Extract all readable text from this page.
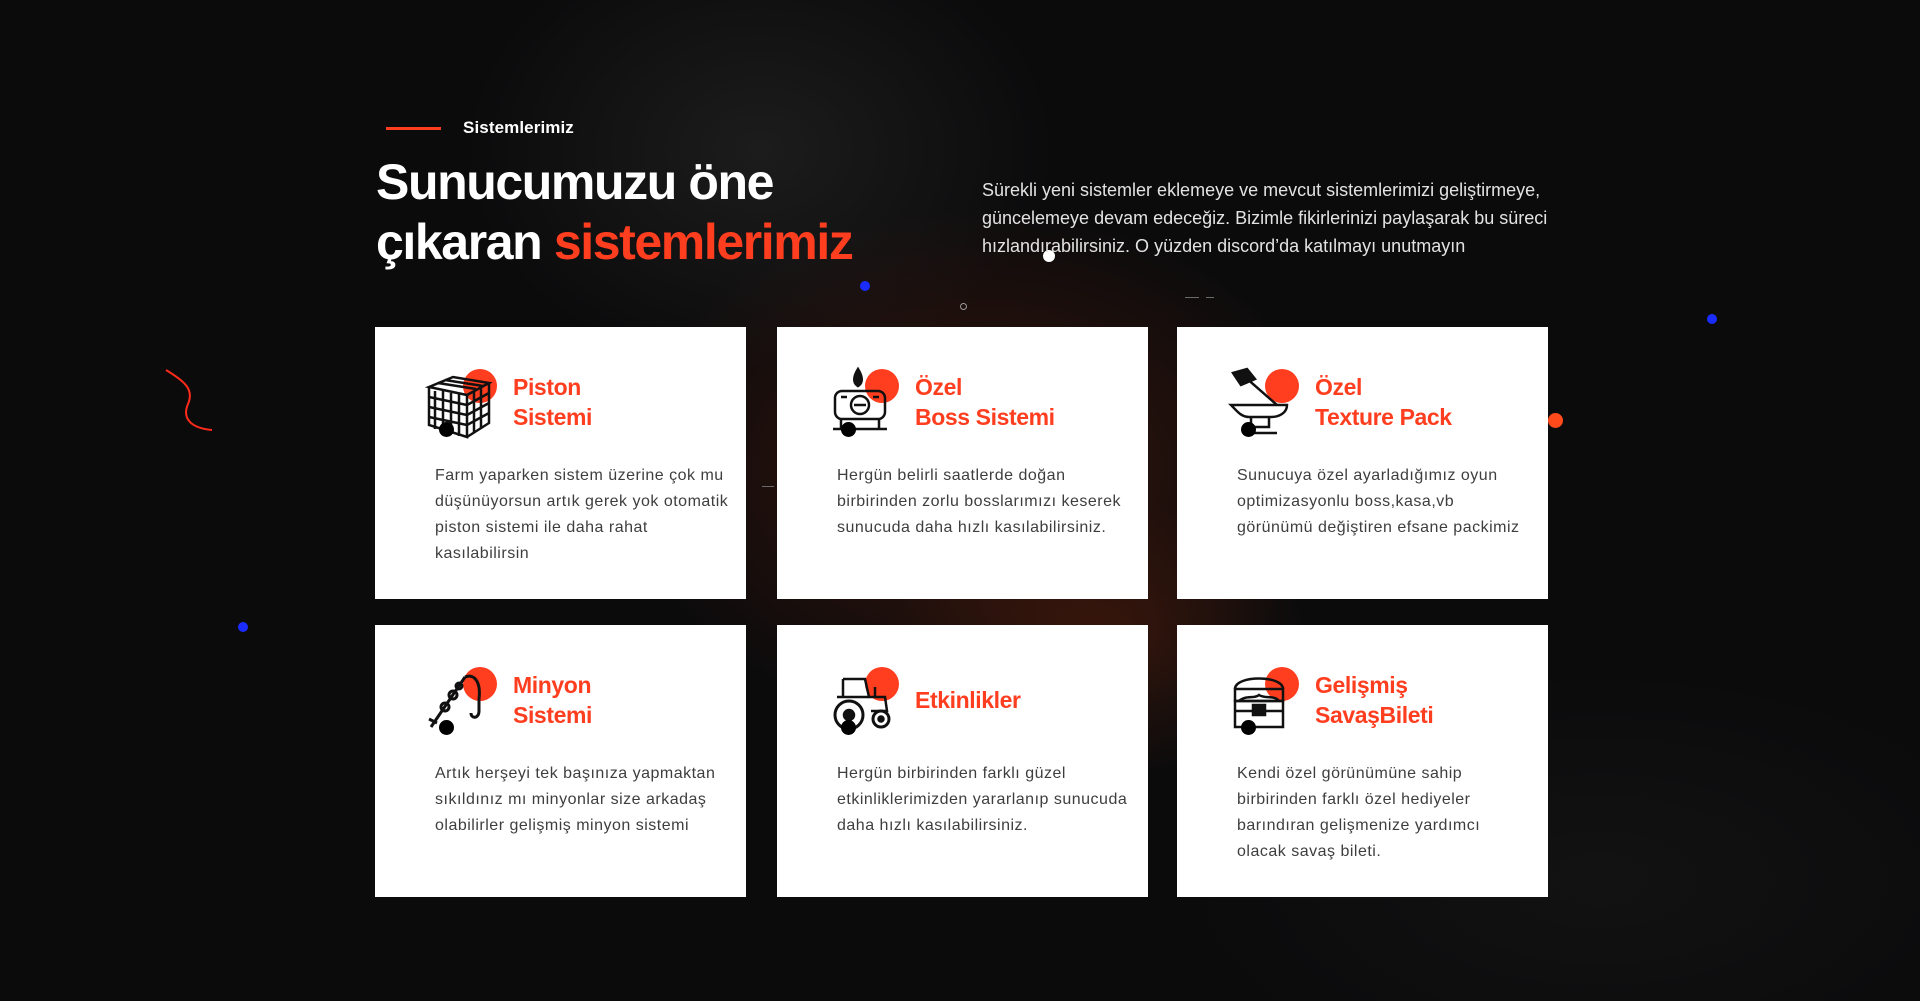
Sistemlerimiz
Sunucumuzu öne
çıkaran sistemlerimiz

Sürekli yeni sistemler eklemeye ve mevcut sistemlerimizi geliştirmeye, güncelemeye devam edeceğiz. Bizimle fikirlerinizi paylaşarak bu süreci hızlandırabilirsiniz. O yüzden discord’da katılmayı unutmayın

Piston
Sistemi

Farm yaparken sistem üzerine çok mu düşünüyorsun artık gerek yok otomatik piston sistemi ile daha rahat kasılabilirsin

Özel
Boss Sistemi

Hergün belirli saatlerde doğan birbirinden zorlu bosslarımızı keserek sunucuda daha hızlı kasılabilirsiniz.

Özel
Texture Pack

Sunucuya özel ayarladığımız oyun optimizasyonlu boss,kasa,vb görünümü değiştiren efsane packimiz

Minyon
Sistemi

Artık herşeyi tek başınıza yapmaktan sıkıldınız mı minyonlar size arkadaş olabilirler gelişmiş minyon sistemi

Etkinlikler

Hergün birbirinden farklı güzel etkinliklerimizden yararlanıp sunucuda daha hızlı kasılabilirsiniz.

Gelişmiş
SavaşBileti

Kendi özel görünümüne sahip birbirinden farklı özel hediyeler barındıran gelişmenize yardımcı olacak savaş bileti.
